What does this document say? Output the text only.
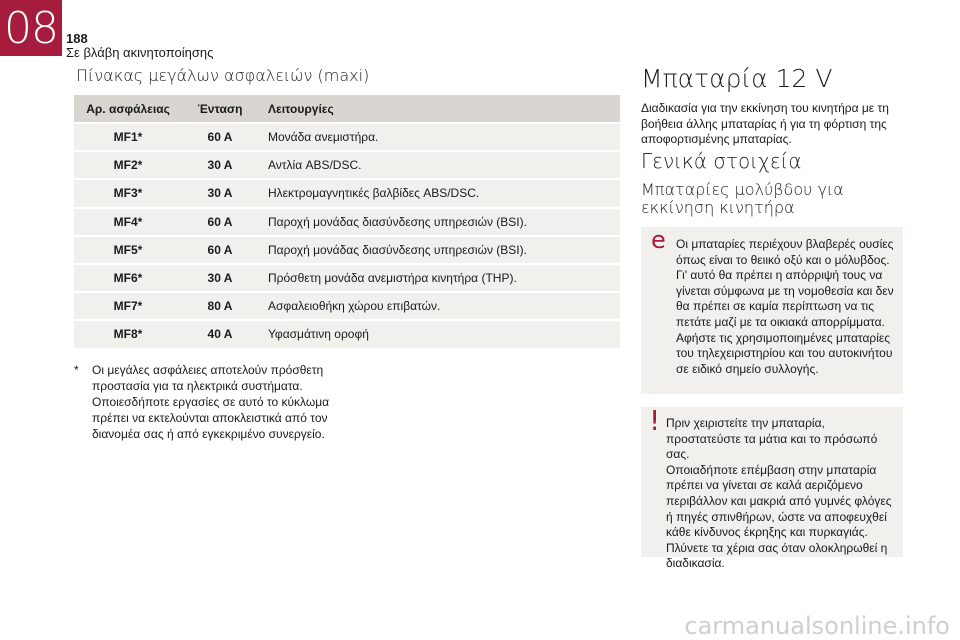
08 188
Σε βλάβη ακινητοποίησης
Πίνακας μεγάλων ασφαλειών (maxi)
Αρ. ασφάλειας	Ένταση	Λειτουργίες
MF1*	60 A	Μονάδα ανεμιστήρα.
MF2*	30 A	Αντλία ABS/DSC.
MF3*	30 A	Ηλεκτρομαγνητικές βαλβίδες ABS/DSC.
MF4*	60 A	Παροχή μονάδας διασύνδεσης υπηρεσιών (BSI).
MF5*	60 A	Παροχή μονάδας διασύνδεσης υπηρεσιών (BSI).
MF6*	30 A	Πρόσθετη μονάδα ανεμιστήρα κινητήρα (THP).
MF7*	80 A	Ασφαλειοθήκη χώρου επιβατών.
MF8*	40 A	Υφασμάτινη οροφή
* Οι μεγάλες ασφάλειες αποτελούν πρόσθετη προστασία για τα ηλεκτρικά συστήματα. Οποιεσδήποτε εργασίες σε αυτό το κύκλωμα πρέπει να εκτελούνται αποκλειστικά από τον διανομέα σας ή από εγκεκριμένο συνεργείο.
Μπαταρία 12 V
Διαδικασία για την εκκίνηση του κινητήρα με τη βοήθεια άλλης μπαταρίας ή για τη φόρτιση της αποφορτισμένης μπαταρίας.
Γενικά στοιχεία
Μπαταρίες μολύβδου για εκκίνηση κινητήρα
e Οι μπαταρίες περιέχουν βλαβερές ουσίες όπως είναι το θειικό οξύ και ο μόλυβδος.
Γι' αυτό θα πρέπει η απόρριψή τους να γίνεται σύμφωνα με τη νομοθεσία και δεν θα πρέπει σε καμία περίπτωση να τις πετάτε μαζί με τα οικιακά απορρίμματα.
Αφήστε τις χρησιμοποιημένες μπαταρίες του τηλεχειριστηρίου και του αυτοκινήτου σε ειδικό σημείο συλλογής.
! Πριν χειριστείτε την μπαταρία, προστατεύστε τα μάτια και το πρόσωπό σας.
Οποιαδήποτε επέμβαση στην μπαταρία πρέπει να γίνεται σε καλά αεριζόμενο περιβάλλον και μακριά από γυμνές φλόγες ή πηγές σπινθήρων, ώστε να αποφευχθεί κάθε κίνδυνος έκρηξης και πυρκαγιάς.
Πλύνετε τα χέρια σας όταν ολοκληρωθεί η διαδικασία.
carmanualsonline.info
